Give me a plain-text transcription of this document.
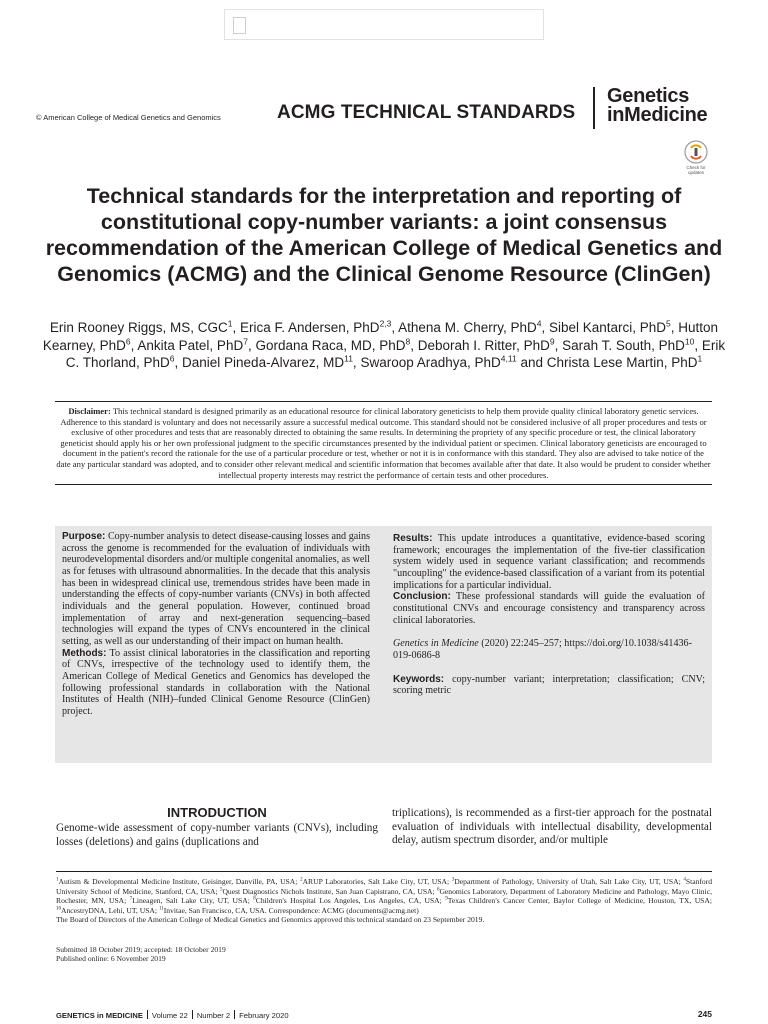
© American College of Medical Genetics and Genomics	ACMG TECHNICAL STANDARDS
Genetics
inMedicine
Check for updates
Technical standards for the interpretation and reporting of constitutional copy-number variants: a joint consensus recommendation of the American College of Medical Genetics and Genomics (ACMG) and the Clinical Genome Resource (ClinGen)
Erin Rooney Riggs, MS, CGC$^1$, Erica F. Andersen, PhD$^{2,3}$, Athena M. Cherry, PhD$^4$, Sibel Kantarci, PhD$^5$, Hutton Kearney, PhD$^6$, Ankita Patel, PhD$^7$, Gordana Raca, MD, PhD$^8$, Deborah I. Ritter, PhD$^9$, Sarah T. South, PhD$^{10}$, Erik C. Thorland, PhD$^6$, Daniel Pineda-Alvarez, MD$^{11}$, Swaroop Aradhya, PhD$^{4,11}$ and Christa Lese Martin, PhD$^1$
Disclaimer: This technical standard is designed primarily as an educational resource for clinical laboratory geneticists to help them provide quality clinical laboratory genetic services. Adherence to this standard is voluntary and does not necessarily assure a successful medical outcome. This standard should not be considered inclusive of all proper procedures and tests or exclusive of other procedures and tests that are reasonably directed to obtaining the same results. In determining the propriety of any specific procedure or test, the clinical laboratory geneticist should apply his or her own professional judgment to the specific circumstances presented by the individual patient or specimen. Clinical laboratory geneticists are encouraged to document in the patient's record the rationale for the use of a particular procedure or test, whether or not it is in conformance with this standard. They also are advised to take notice of the date any particular standard was adopted, and to consider other relevant medical and scientific information that becomes available after that date. It also would be prudent to consider whether intellectual property interests may restrict the performance of certain tests and other procedures.

Purpose: Copy-number analysis to detect disease-causing losses and gains across the genome is recommended for the evaluation of individuals with neurodevelopmental disorders and/or multiple congenital anomalies, as well as for fetuses with ultrasound abnormalities. In the decade that this analysis has been in widespread clinical use, tremendous strides have been made in understanding the effects of copy-number variants (CNVs) in both affected individuals and the general population. However, continued broad implementation of array and next-generation sequencing–based technologies will expand the types of CNVs encountered in the clinical setting, as well as our understanding of their impact on human health.

Methods: To assist clinical laboratories in the classification and reporting of CNVs, irrespective of the technology used to identify them, the American College of Medical Genetics and Genomics has developed the following professional standards in collaboration with the National Institutes of Health (NIH)–funded Clinical Genome Resource (ClinGen) project.

Results: This update introduces a quantitative, evidence-based scoring framework; encourages the implementation of the five-tier classification system widely used in sequence variant classification; and recommends "uncoupling" the evidence-based classification of a variant from its potential implications for a particular individual.

Conclusion: These professional standards will guide the evaluation of constitutional CNVs and encourage consistency and transparency across clinical laboratories.

Genetics in Medicine (2020) 22:245–257; https://doi.org/10.1038/s41436-019-0686-8

Keywords: copy-number variant; interpretation; classification; CNV; scoring metric

INTRODUCTION
Genome-wide assessment of copy-number variants (CNVs), including losses (deletions) and gains (duplications and
triplications), is recommended as a first-tier approach for the postnatal evaluation of individuals with intellectual disability, developmental delay, autism spectrum disorder, and/or multiple

$^1$Autism & Developmental Medicine Institute, Geisinger, Danville, PA, USA; $^2$ARUP Laboratories, Salt Lake City, UT, USA; $^3$Department of Pathology, University of Utah, Salt Lake City, UT, USA; $^4$Stanford University School of Medicine, Stanford, CA, USA; $^5$Quest Diagnostics Nichols Institute, San Juan Capistrano, CA, USA; $^6$Genomics Laboratory, Department of Laboratory Medicine and Pathology, Mayo Clinic, Rochester, MN, USA; $^7$Lineagen, Salt Lake City, UT, USA; $^8$Children's Hospital Los Angeles, Los Angeles, CA, USA; $^9$Texas Children's Cancer Center, Baylor College of Medicine, Houston, TX, USA; $^{10}$AncestryDNA, Lehi, UT, USA; $^{11}$Invitae, San Francisco, CA, USA. Correspondence: ACMG (documents@acmg.net)

The Board of Directors of the American College of Medical Genetics and Genomics approved this technical standard on 23 September 2019.

Submitted 18 October 2019; accepted: 18 October 2019

Published online: 6 November 2019

GENETICS in MEDICINE Volume 22 Number 2 February 2020	245
